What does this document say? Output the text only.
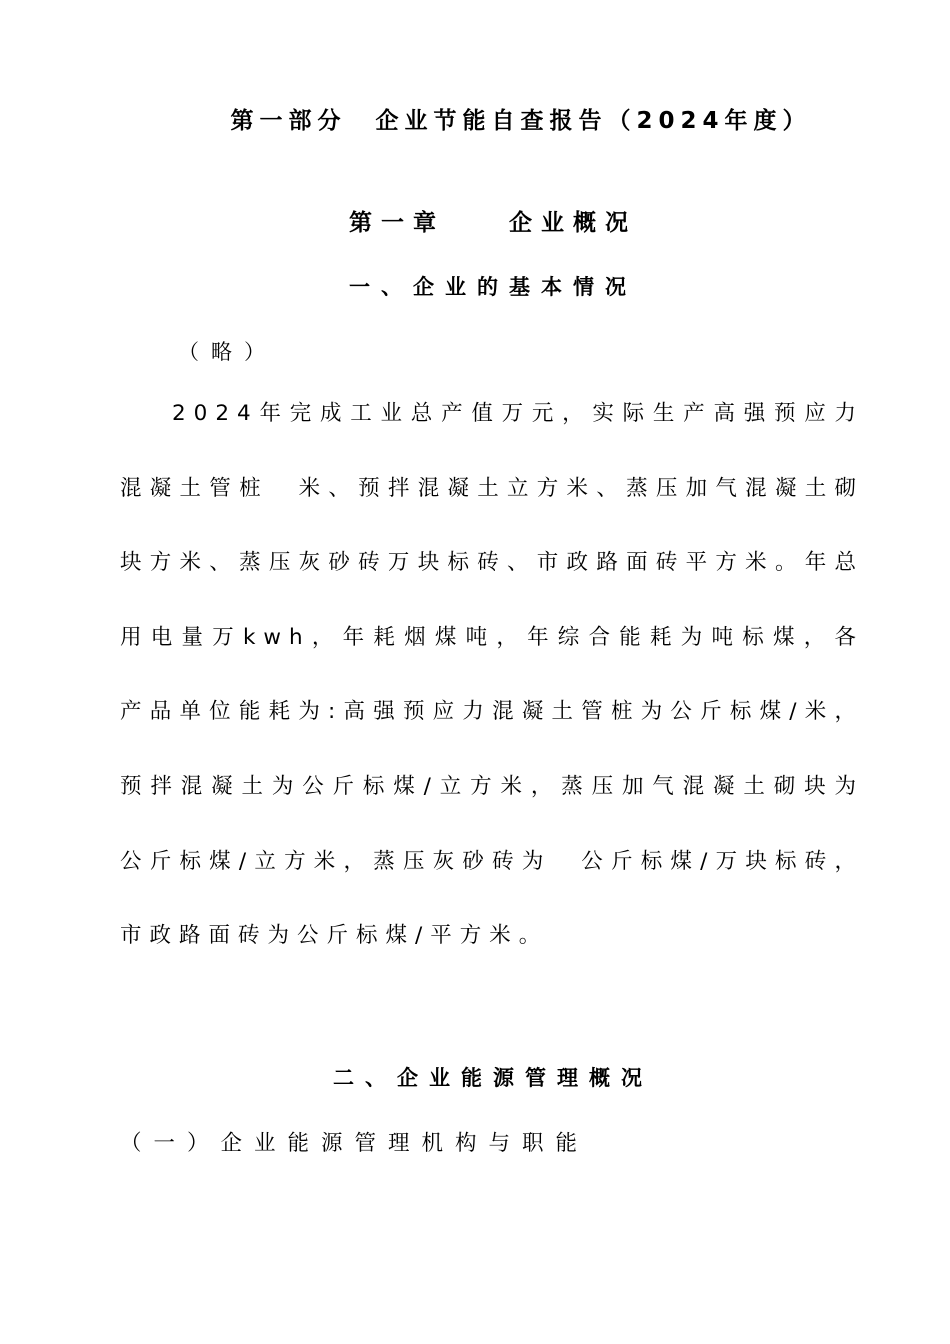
第一部分　企业节能自查报告（2024年度）
第一章　　企业概况
一、企业的基本情况
（略）
2024年完成工业总产值万元，实际生产高强预应力混凝土管桩　米、预拌混凝土立方米、蒸压加气混凝土砌块方米、蒸压灰砂砖万块标砖、市政路面砖平方米。年总用电量万kwh，年耗烟煤吨，年综合能耗为吨标煤，各产品单位能耗为:高强预应力混凝土管桩为公斤标煤/米，预拌混凝土为公斤标煤/立方米，蒸压加气混凝土砌块为公斤标煤/立方米，蒸压灰砂砖为　公斤标煤/万块标砖，市政路面砖为公斤标煤/平方米。
二、企业能源管理概况
（一）企业能源管理机构与职能
